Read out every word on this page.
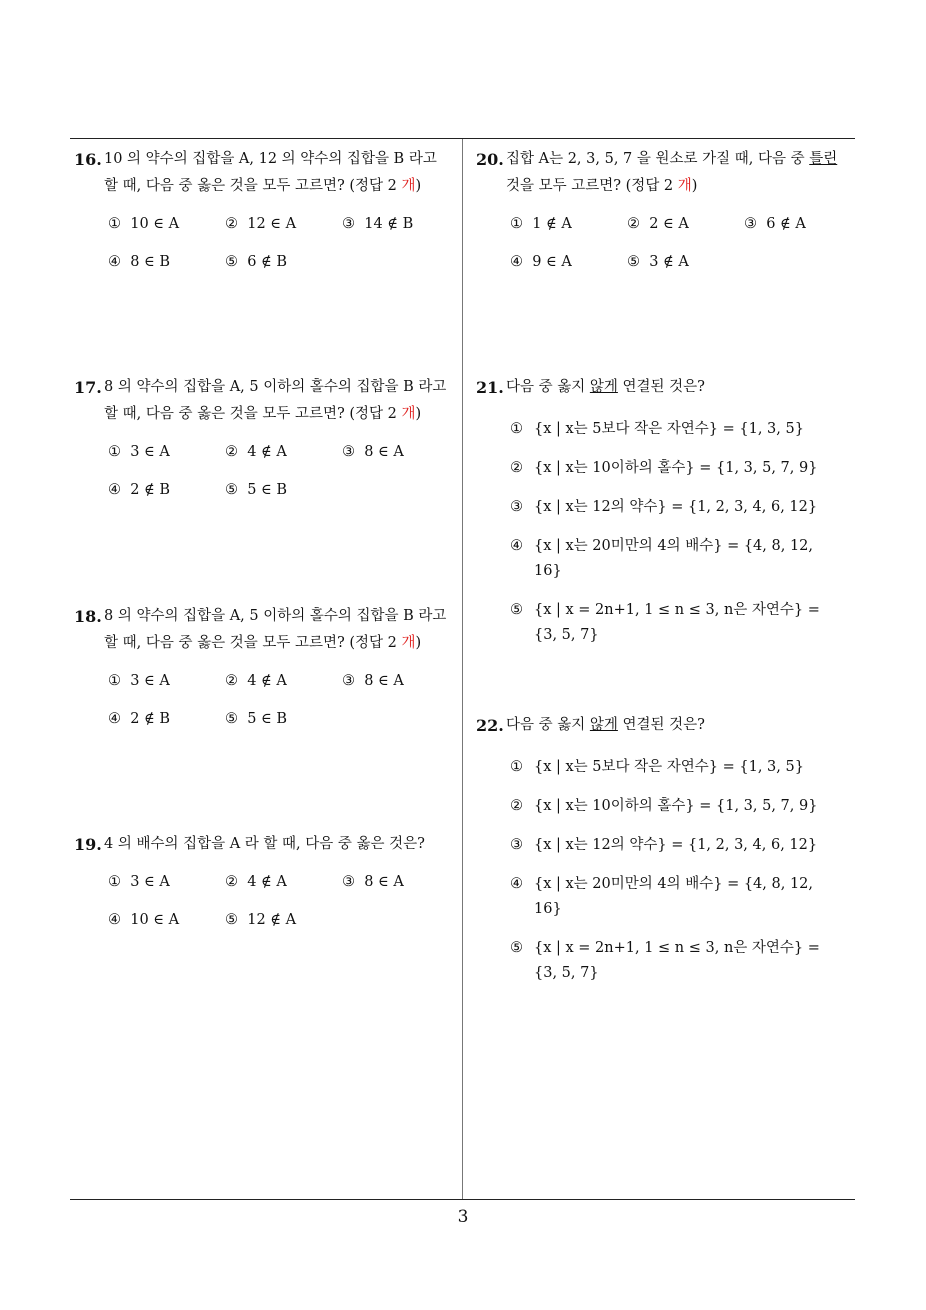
16. 10 의 약수의 집합을 A, 12 의 약수의 집합을 B 라고
할 때, 다음 중 옳은 것을 모두 고르면? (정답 2 개)
① 10 ∈ A	② 12 ∈ A	③ 14 ∉ B
④ 8 ∈ B	⑤ 6 ∉ B
17. 8 의 약수의 집합을 A, 5 이하의 홀수의 집합을 B 라고
할 때, 다음 중 옳은 것을 모두 고르면? (정답 2 개)
① 3 ∈ A	② 4 ∉ A	③ 8 ∈ A
④ 2 ∉ B	⑤ 5 ∈ B
18. 8 의 약수의 집합을 A, 5 이하의 홀수의 집합을 B 라고
할 때, 다음 중 옳은 것을 모두 고르면? (정답 2 개)
① 3 ∈ A	② 4 ∉ A	③ 8 ∈ A
④ 2 ∉ B	⑤ 5 ∈ B
19. 4 의 배수의 집합을 A 라 할 때, 다음 중 옳은 것은?
① 3 ∈ A	② 4 ∉ A	③ 8 ∈ A
④ 10 ∈ A	⑤ 12 ∉ A
20. 집합 A는 2, 3, 5, 7 을 원소로 가질 때, 다음 중 틀린
것을 모두 고르면? (정답 2 개)
① 1 ∉ A	② 2 ∈ A	③ 6 ∉ A
④ 9 ∈ A	⑤ 3 ∉ A
21. 다음 중 옳지 않게 연결된 것은?
① {x | x는 5보다 작은 자연수} = {1, 3, 5}
② {x | x는 10이하의 홀수} = {1, 3, 5, 7, 9}
③ {x | x는 12의 약수} = {1, 2, 3, 4, 6, 12}
④ {x | x는 20미만의 4의 배수} = {4, 8, 12, 16}
⑤ {x | x = 2n+1, 1 ≤ n ≤ 3, n은 자연수} = {3, 5, 7}
22. 다음 중 옳지 않게 연결된 것은?
① {x | x는 5보다 작은 자연수} = {1, 3, 5}
② {x | x는 10이하의 홀수} = {1, 3, 5, 7, 9}
③ {x | x는 12의 약수} = {1, 2, 3, 4, 6, 12}
④ {x | x는 20미만의 4의 배수} = {4, 8, 12, 16}
⑤ {x | x = 2n+1, 1 ≤ n ≤ 3, n은 자연수} = {3, 5, 7}
3
